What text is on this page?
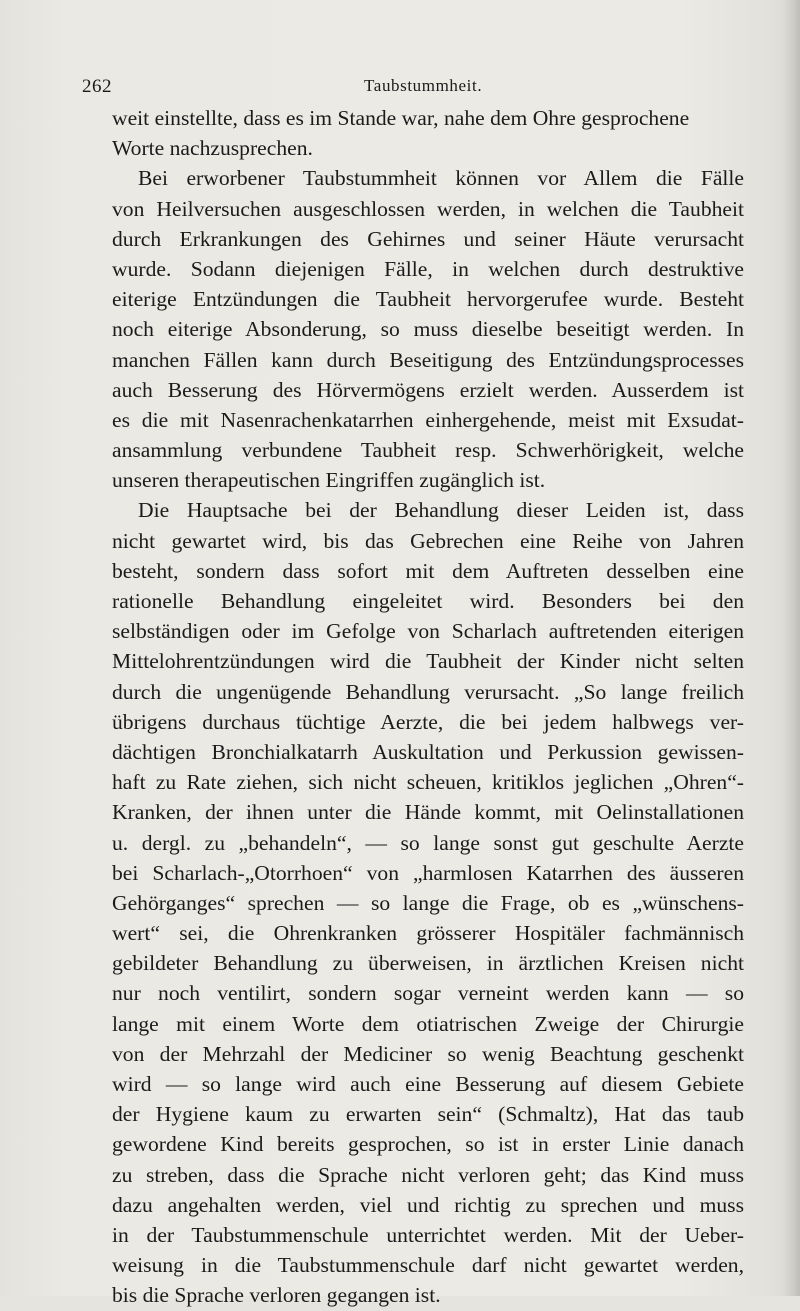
262	Taubstummheit.
weit einstellte, dass es im Stande war, nahe dem Ohre gesprochene
Worte nachzusprechen.
Bei erworbener Taubstummheit können vor Allem die Fälle
von Heilversuchen ausgeschlossen werden, in welchen die Taubheit
durch Erkrankungen des Gehirnes und seiner Häute verursacht
wurde. Sodann diejenigen Fälle, in welchen durch destruktive
eiterige Entzündungen die Taubheit hervorgerufee wurde. Besteht
noch eiterige Absonderung, so muss dieselbe beseitigt werden. In
manchen Fällen kann durch Beseitigung des Entzündungsprocesses
auch Besserung des Hörvermögens erzielt werden. Ausserdem ist
es die mit Nasenrachenkatarrhen einhergehende, meist mit Exsudat-
ansammlung verbundene Taubheit resp. Schwerhörigkeit, welche
unseren therapeutischen Eingriffen zugänglich ist.
Die Hauptsache bei der Behandlung dieser Leiden ist, dass
nicht gewartet wird, bis das Gebrechen eine Reihe von Jahren
besteht, sondern dass sofort mit dem Auftreten desselben eine
rationelle Behandlung eingeleitet wird. Besonders bei den
selbständigen oder im Gefolge von Scharlach auftretenden eiterigen
Mittelohrentzündungen wird die Taubheit der Kinder nicht selten
durch die ungenügende Behandlung verursacht. „So lange freilich
übrigens durchaus tüchtige Aerzte, die bei jedem halbwegs ver-
dächtigen Bronchialkatarrh Auskultation und Perkussion gewissen-
haft zu Rate ziehen, sich nicht scheuen, kritiklos jeglichen „Ohren“-
Kranken, der ihnen unter die Hände kommt, mit Oelinstallationen
u. dergl. zu „behandeln“, — so lange sonst gut geschulte Aerzte
bei Scharlach-„Otorrhoen“ von „harmlosen Katarrhen des äusseren
Gehörganges“ sprechen — so lange die Frage, ob es „wünschens-
wert“ sei, die Ohrenkranken grösserer Hospitäler fachmännisch
gebildeter Behandlung zu überweisen, in ärztlichen Kreisen nicht
nur noch ventilirt, sondern sogar verneint werden kann — so
lange mit einem Worte dem otiatrischen Zweige der Chirurgie
von der Mehrzahl der Mediciner so wenig Beachtung geschenkt
wird — so lange wird auch eine Besserung auf diesem Gebiete
der Hygiene kaum zu erwarten sein“ (Schmaltz), Hat das taub
gewordene Kind bereits gesprochen, so ist in erster Linie danach
zu streben, dass die Sprache nicht verloren geht; das Kind muss
dazu angehalten werden, viel und richtig zu sprechen und muss
in der Taubstummenschule unterrichtet werden. Mit der Ueber-
weisung in die Taubstummenschule darf nicht gewartet werden,
bis die Sprache verloren gegangen ist.
